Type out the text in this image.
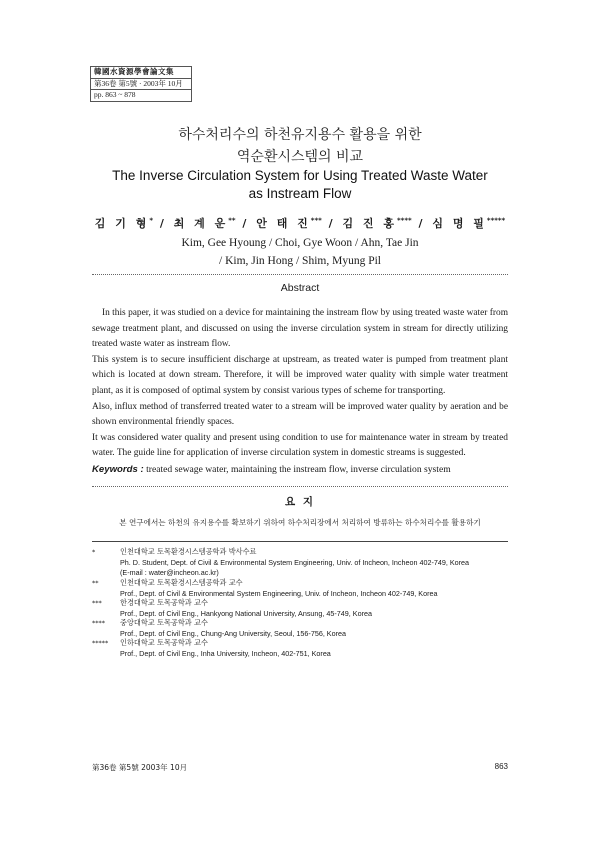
韓國水資源學會論文集
第36卷 第5號 · 2003年 10月
pp. 863 ~ 878
하수처리수의 하천유지용수 활용을 위한
역순환시스템의 비교
The Inverse Circulation System for Using Treated Waste Water
as Instream Flow
김 기 형* / 최 계 운** / 안 태 진*** / 김 진 홍**** / 심 명 필*****
Kim, Gee Hyoung / Choi, Gye Woon / Ahn, Tae Jin
/ Kim, Jin Hong / Shim, Myung Pil
Abstract

In this paper, it was studied on a device for maintaining the instream flow by using treated waste water from sewage treatment plant, and discussed on using the inverse circulation system in stream for directly utilizing treated waste water as instream flow.

This system is to secure insufficient discharge at upstream, as treated water is pumped from treatment plant which is located at down stream. Therefore, it will be improved water quality with simple water treatment plant, as it is composed of optimal system by consist various types of scheme for transporting.

Also, influx method of transferred treated water to a stream will be improved water quality by aeration and be shown environmental friendly spaces.

It was considered water quality and present using condition to use for maintenance water in stream by treated water. The guide line for application of inverse circulation system in domestic streams is suggested.

Keywords : treated sewage water, maintaining the instream flow, inverse circulation system
요 지
본 연구에서는 하천의 유지용수를 확보하기 위하여 하수처리장에서 처리하여 방류하는 하수처리수를 활용하기
*	인천대학교 토목환경시스템공학과 박사수료
Ph. D. Student, Dept. of Civil & Environmental System Engineering, Univ. of Incheon, Incheon 402-749, Korea
(E-mail : water@incheon.ac.kr)
**	인천대학교 토목환경시스템공학과 교수
Prof., Dept. of Civil & Environmental System Engineering, Univ. of Incheon, Incheon 402-749, Korea
***	한경대학교 토목공학과 교수
Prof., Dept. of Civil Eng., Hankyong National University, Ansung, 45-749, Korea
**** 중앙대학교 토목공학과 교수
Prof., Dept. of Civil Eng., Chung-Ang University, Seoul, 156-756, Korea
***** 인하대학교 토목공학과 교수
Prof., Dept. of Civil Eng., Inha University, Incheon, 402-751, Korea
第36卷 第5號 2003年 10月	863
